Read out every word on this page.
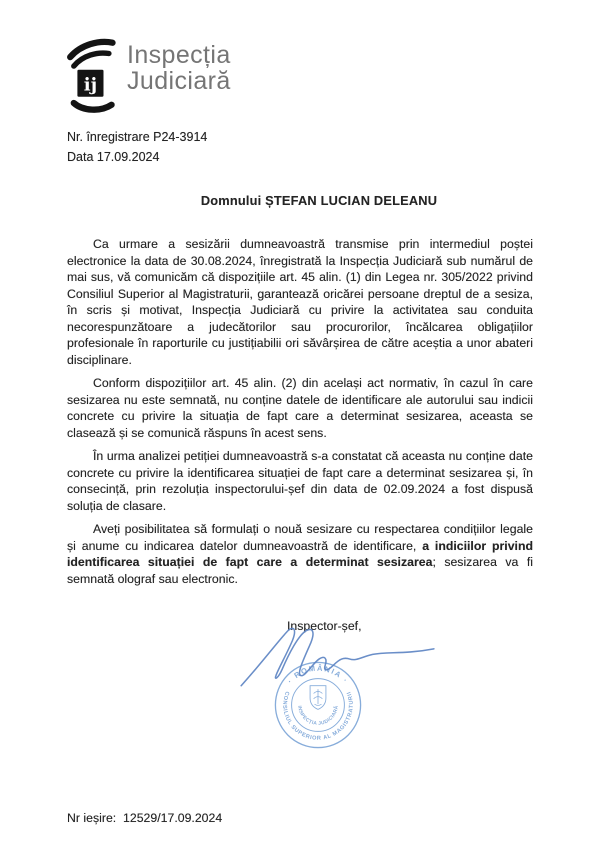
ij
Inspecția
Judiciară
Nr. înregistrare P24-3914
Data 17.09.2024
Domnului ȘTEFAN LUCIAN DELEANU

Ca urmare a sesizării dumneavoastră transmise prin intermediul poștei electronice la data de 30.08.2024, înregistrată la Inspecția Judiciară sub numărul de mai sus, vă comunicăm că dispozițiile art. 45 alin. (1) din Legea nr. 305/2022 privind Consiliul Superior al Magistraturii, garantează oricărei persoane dreptul de a sesiza, în scris și motivat, Inspecția Judiciară cu privire la activitatea sau conduita necorespunzătoare a judecătorilor sau procurorilor, încălcarea obligațiilor profesionale în raporturile cu justițiabilii ori săvârșirea de către aceștia a unor abateri disciplinare.

Conform dispozițiilor art. 45 alin. (2) din același act normativ, în cazul în care sesizarea nu este semnată, nu conține datele de identificare ale autorului sau indicii concrete cu privire la situația de fapt care a determinat sesizarea, aceasta se clasează și se comunică răspuns în acest sens.

În urma analizei petiției dumneavoastră s-a constatat că aceasta nu conține date concrete cu privire la identificarea situației de fapt care a determinat sesizarea și, în consecință, prin rezoluția inspectorului-șef din data de 02.09.2024 a fost dispusă soluția de clasare.

Aveți posibilitatea să formulați o nouă sesizare cu respectarea condițiilor legale și anume cu indicarea datelor dumneavoastră de identificare, a indiciilor privind identificarea situației de fapt care a determinat sesizarea; sesizarea va fi semnată olograf sau electronic.

Inspector-șef,
· ROMÂNIA ·
CONSILIUL SUPERIOR AL MAGISTRATURII
INSPECȚIA JUDICIARĂ
Nr ieșire:  12529/17.09.2024
